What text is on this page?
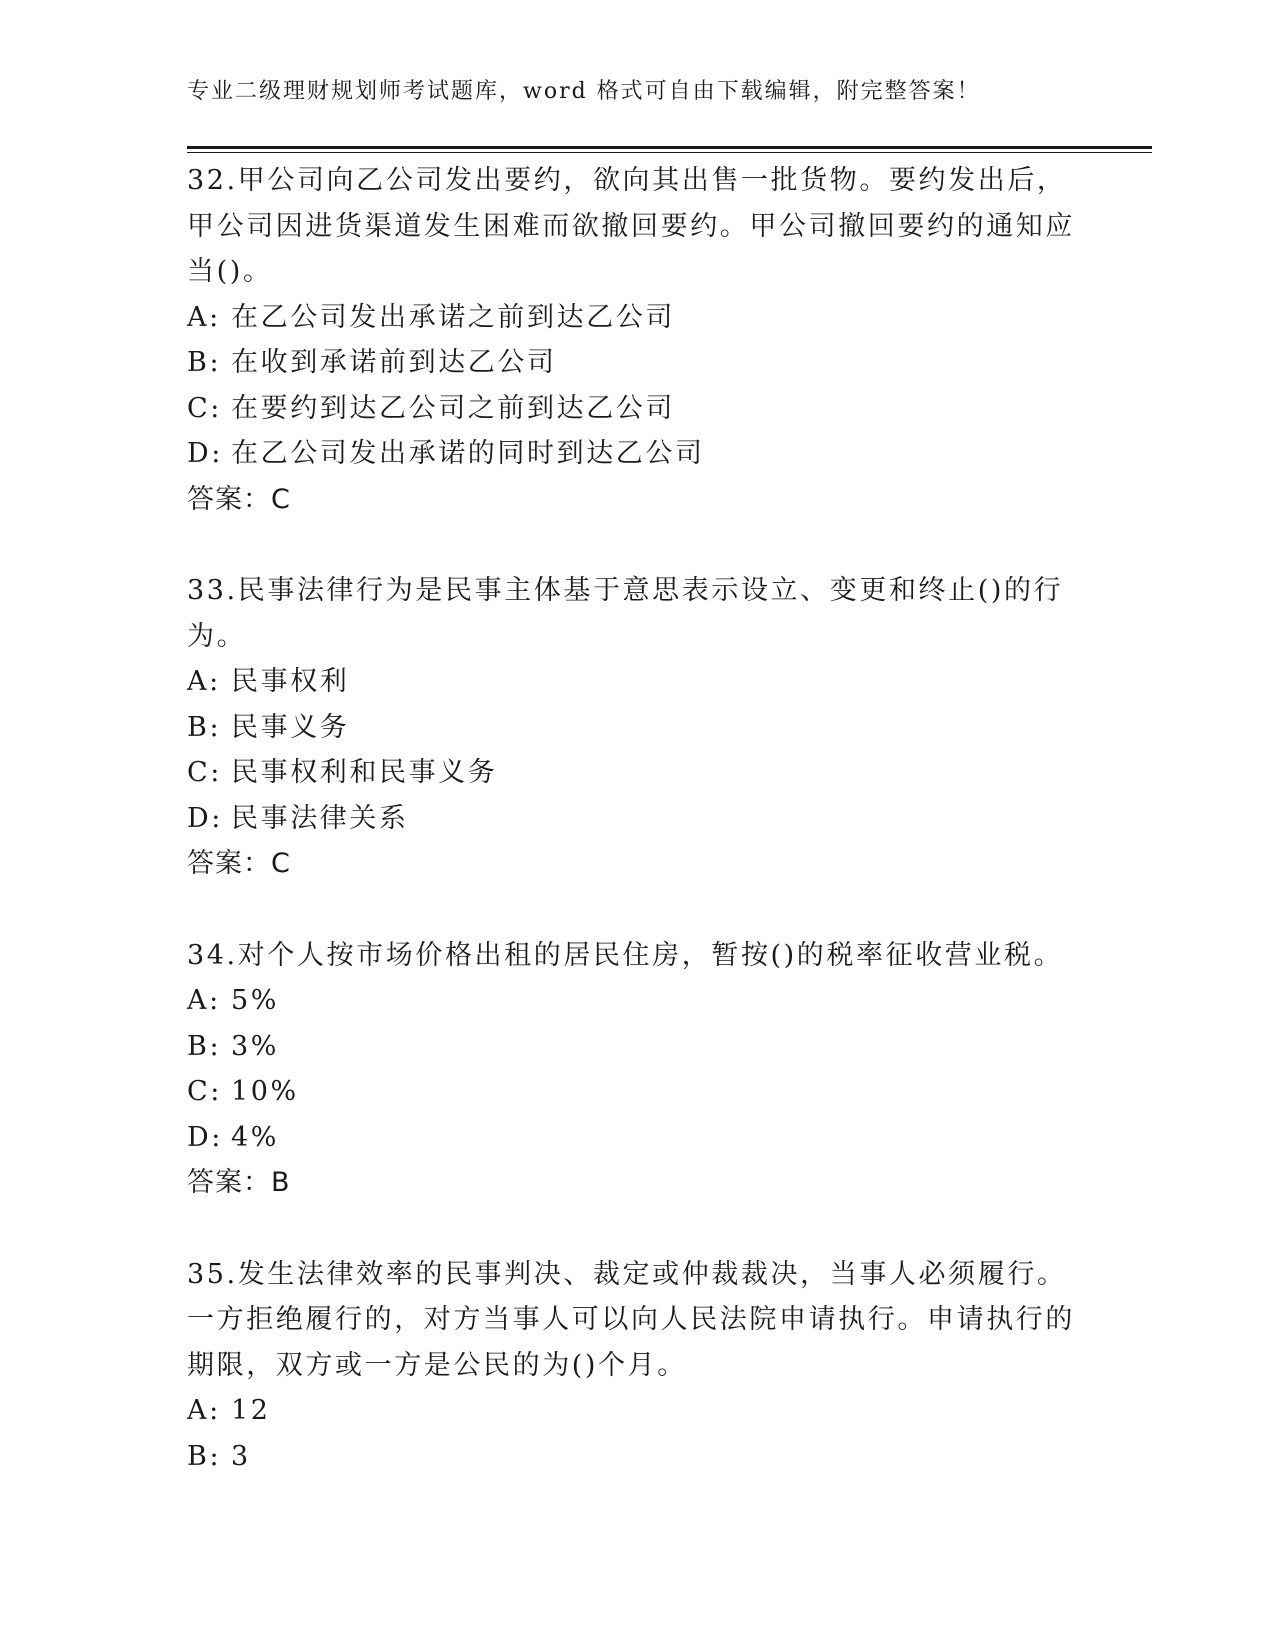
专业二级理财规划师考试题库，word 格式可自由下载编辑，附完整答案！

32.甲公司向乙公司发出要约，欲向其出售一批货物。要约发出后，甲公司因进货渠道发生困难而欲撤回要约。甲公司撤回要约的通知应当()。

A: 在乙公司发出承诺之前到达乙公司
B: 在收到承诺前到达乙公司
C: 在要约到达乙公司之前到达乙公司
D: 在乙公司发出承诺的同时到达乙公司
答案：C

33.民事法律行为是民事主体基于意思表示设立、变更和终止()的行为。

A: 民事权利
B: 民事义务
C: 民事权利和民事义务
D: 民事法律关系
答案：C

34.对个人按市场价格出租的居民住房，暂按()的税率征收营业税。

A: 5%
B: 3%
C: 10%
D: 4%
答案：B

35.发生法律效率的民事判决、裁定或仲裁裁决，当事人必须履行。一方拒绝履行的，对方当事人可以向人民法院申请执行。申请执行的期限，双方或一方是公民的为()个月。

A: 12
B: 3
